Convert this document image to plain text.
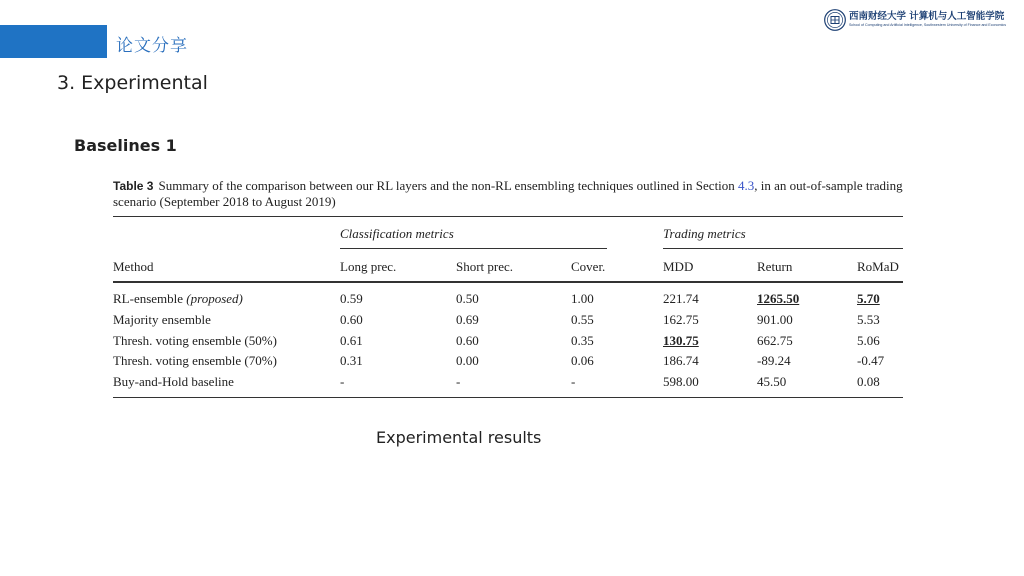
论文分享
西南财经大学 计算机与人工智能学院
School of Computing and Artificial Intelligence, Southwestern University of Finance and Economics
3. Experimental
Baselines 1
Table 3 Summary of the comparison between our RL layers and the non-RL ensembling techniques outlined in Section 4.3, in an out-of-sample trading scenario (September 2018 to August 2019)
Classification metrics	Trading metrics
Method	Long prec.	Short prec.	Cover.	MDD	Return	RoMaD
RL-ensemble (proposed)	0.59	0.50	1.00	221.74	1265.50	5.70
Majority ensemble	0.60	0.69	0.55	162.75	901.00	5.53
Thresh. voting ensemble (50%)	0.61	0.60	0.35	130.75	662.75	5.06
Thresh. voting ensemble (70%)	0.31	0.00	0.06	186.74	-89.24	-0.47
Buy-and-Hold baseline	-	-	-	598.00	45.50	0.08
Experimental results
